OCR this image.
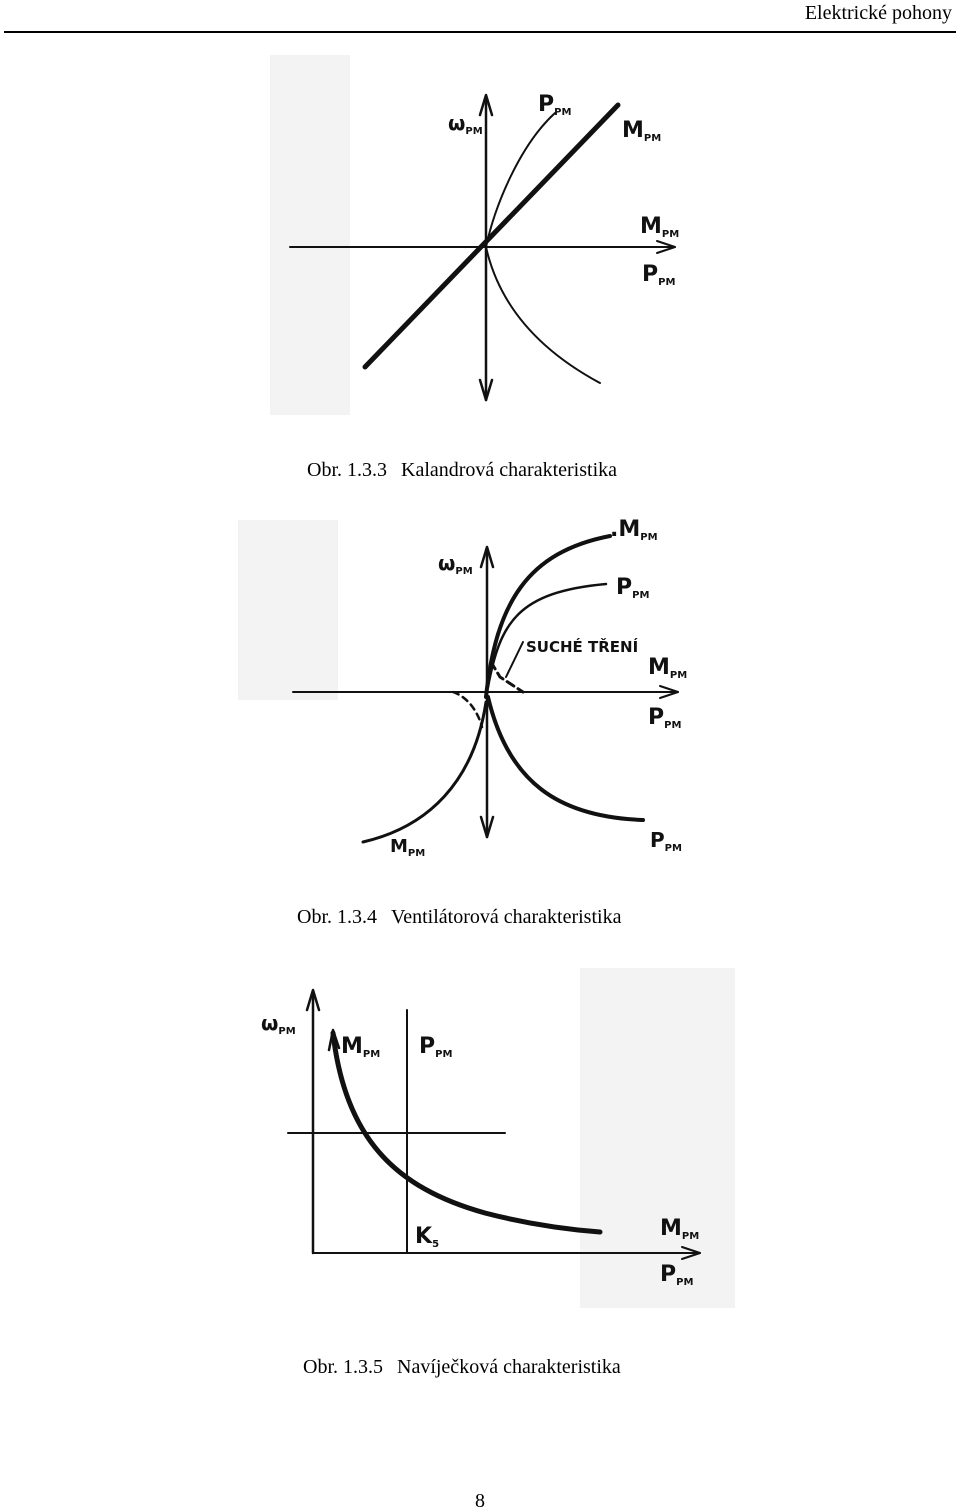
Elektrické pohony
$\omega_{PM}$
PPM
MPM
MPM
PPM
Obr. 1.3.3 Kalandrová charakteristika
$\omega_{PM}$
.MPM
PPM
SUCHÉ TŘENÍ
MPM
PPM
$M_{PM}$
$P_{PM}$
Obr. 1.3.4 Ventilátorová charakteristika
$\omega_{PM}$
MPM PPM
K5
MPM
PPM
Obr. 1.3.5 Navíječková charakteristika
8
